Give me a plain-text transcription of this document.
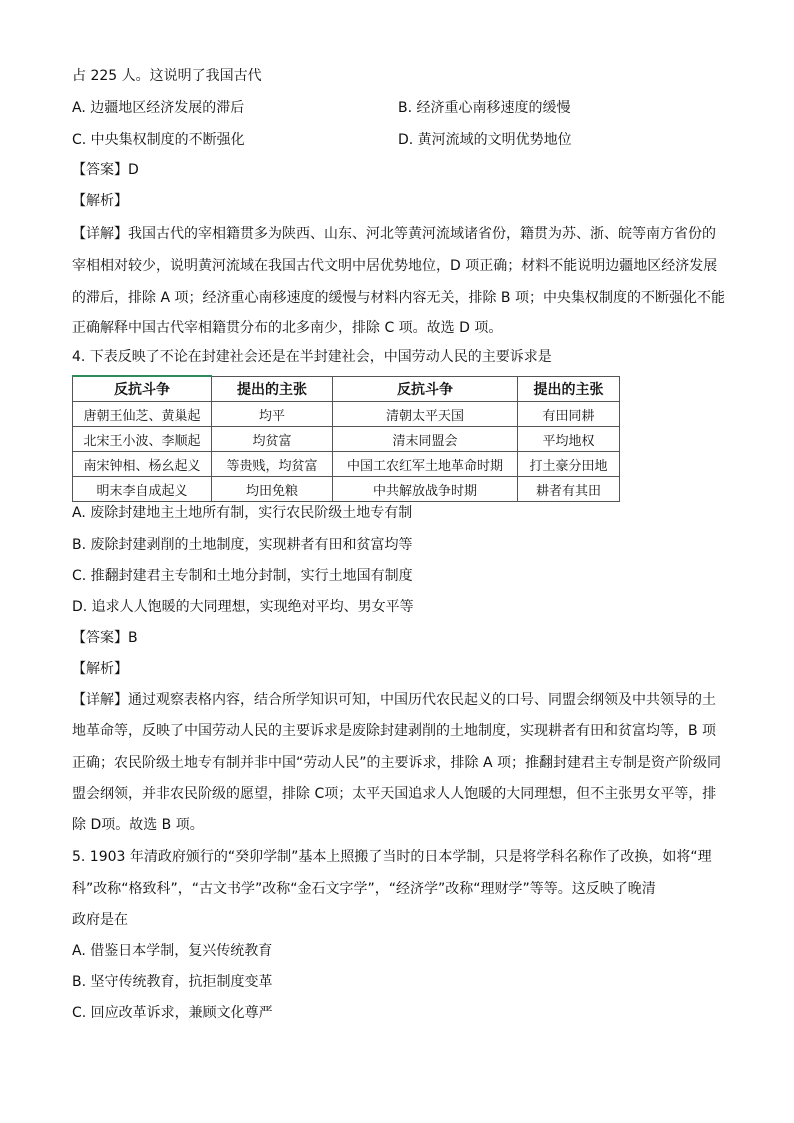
占 225 人。这说明了我国古代
A. 边疆地区经济发展的滞后	B. 经济重心南移速度的缓慢
C. 中央集权制度的不断强化	D. 黄河流域的文明优势地位
【答案】D
【解析】
【详解】我国古代的宰相籍贯多为陕西、山东、河北等黄河流域诸省份，籍贯为苏、浙、皖等南方省份的
宰相相对较少，说明黄河流域在我国古代文明中居优势地位，D 项正确；材料不能说明边疆地区经济发展
的滞后，排除 A 项；经济重心南移速度的缓慢与材料内容无关，排除 B 项；中央集权制度的不断强化不能
正确解释中国古代宰相籍贯分布的北多南少，排除 C 项。故选 D 项。
4. 下表反映了不论在封建社会还是在半封建社会，中国劳动人民的主要诉求是
反抗斗争	提出的主张	反抗斗争	提出的主张
唐朝王仙芝、黄巢起	均平	清朝太平天国	有田同耕
北宋王小波、李顺起	均贫富	清末同盟会	平均地权
南宋钟相、杨幺起义	等贵贱，均贫富	中国工农红军土地革命时期	打土豪分田地
明末李自成起义	均田免粮	中共解放战争时期	耕者有其田
A. 废除封建地主土地所有制，实行农民阶级土地专有制
B. 废除封建剥削的土地制度，实现耕者有田和贫富均等
C. 推翻封建君主专制和土地分封制，实行土地国有制度
D. 追求人人饱暖的大同理想，实现绝对平均、男女平等
【答案】B
【解析】
【详解】通过观察表格内容，结合所学知识可知，中国历代农民起义的口号、同盟会纲领及中共领导的土
地革命等，反映了中国劳动人民的主要诉求是废除封建剥削的土地制度，实现耕者有田和贫富均等，B 项
正确；农民阶级土地专有制并非中国“劳动人民”的主要诉求，排除 A 项；推翻封建君主专制是资产阶级同
盟会纲领，并非农民阶级的愿望，排除 C项；太平天国追求人人饱暖的大同理想，但不主张男女平等，排
除 D项。故选 B 项。
5. 1903 年清政府颁行的“癸卯学制”基本上照搬了当时的日本学制，只是将学科名称作了改换，如将“理
科”改称“格致科”，“古文书学”改称“金石文字学”，“经济学”改称“理财学”等等。这反映了晚清
政府是在
A. 借鉴日本学制，复兴传统教育
B. 坚守传统教育，抗拒制度变革
C. 回应改革诉求，兼顾文化尊严
